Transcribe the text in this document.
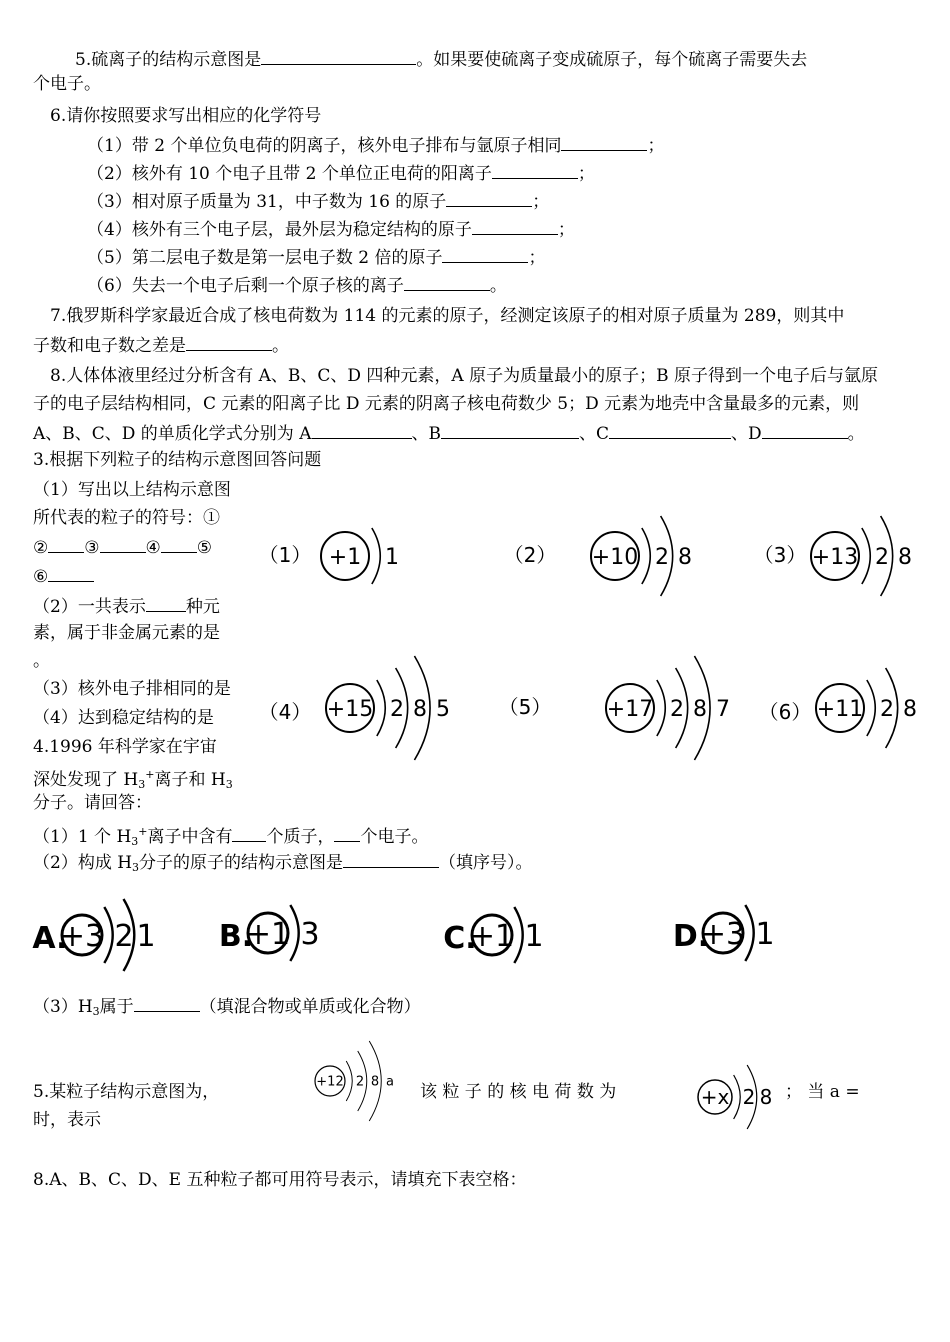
5.硫离子的结构示意图是	。如果要使硫离子变成硫原子，每个硫离子需要失去
个电子。
6.请你按照要求写出相应的化学符号
（1）带 2 个单位负电荷的阴离子，核外电子排布与氩原子相同	；
（2）核外有 10 个电子且带 2 个单位正电荷的阳离子	；
（3）相对原子质量为 31，中子数为 16 的原子	；
（4）核外有三个电子层，最外层为稳定结构的原子	；
（5）第二层电子数是第一层电子数 2 倍的原子	；
（6）失去一个电子后剩一个原子核的离子	。
7.俄罗斯科学家最近合成了核电荷数为 114 的元素的原子，经测定该原子的相对原子质量为 289，则其中
子数和电子数之差是	。
8.人体体液里经过分析含有 A、B、C、D 四种元素，A 原子为质量最小的原子；B 原子得到一个电子后与氩原
子的电子层结构相同，C 元素的阳离子比 D 元素的阴离子核电荷数少 5；D 元素为地壳中含量最多的元素，则
A、B、C、D 的单质化学式分别为 A	、B	、C	、D	。
3.根据下列粒子的结构示意图回答问题
（1）写出以上结构示意图
所代表的粒子的符号：①
② ③	④ ⑤
⑥
（2）一共表示 种元
素，属于非金属元素的是
。
（3）核外电子排相同的是
（4）达到稳定结构的是
（1） +1 1	（2） +10 2 8	（3） +13 2 8
（4） +15 2 8 5 （5）	+17 2 8 7 （6） +11 2 8
4.1996 年科学家在宇宙
深处发现了 $H_3^+$离子和 $H_3$
分子。请回答：
（1）1 个 $H_3^+$离子中含有 个质子， 个电子。
（2）构成 $H_3$分子的原子的结构示意图是	（填序号）。
A.
+3 2 1 B.
+1 3	C.
+1 1	D.
+3 1
$(3)H_3$属于	（填混合物或单质或化合物）
5.某粒子结构示意图为，
时，表示
该 粒 子 的 核 电 荷 数 为	； 当 a =
+12 2 8 a
+x 2 8
8.A、B、C、D、E 五种粒子都可用符号表示，请填充下表空格：
